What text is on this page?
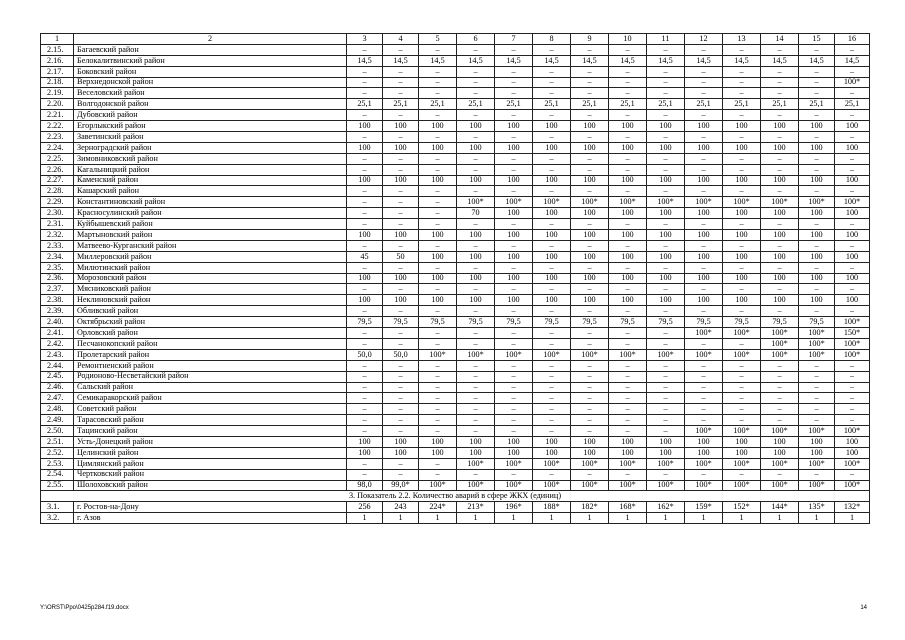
1	2	3	4	5	6	7	8	9	10	11	12	13	14	15	16
2.15.	Багаевский район	–	–	–	–	–	–	–	–	–	–	–	–	–	–
2.16.	Белокалитвинский район	14,5	14,5	14,5	14,5	14,5	14,5	14,5	14,5	14,5	14,5	14,5	14,5	14,5	14,5
2.17.	Боковский район	–	–	–	–	–	–	–	–	–	–	–	–	–	–
2.18.	Верхнедонской район	–	–	–	–	–	–	–	–	–	–	–	–	–	100*
2.19.	Веселовский район	–	–	–	–	–	–	–	–	–	–	–	–	–	–
2.20.	Волгодонской район	25,1	25,1	25,1	25,1	25,1	25,1	25,1	25,1	25,1	25,1	25,1	25,1	25,1	25,1
2.21.	Дубовский район	–	–	–	–	–	–	–	–	–	–	–	–	–	–
2.22.	Егорлыкский район	100	100	100	100	100	100	100	100	100	100	100	100	100	100
2.23.	Заветинский район	–	–	–	–	–	–	–	–	–	–	–	–	–	–
2.24.	Зерноградский район	100	100	100	100	100	100	100	100	100	100	100	100	100	100
2.25.	Зимовниковский район	–	–	–	–	–	–	–	–	–	–	–	–	–	–
2.26.	Кагальницкий район	–	–	–	–	–	–	–	–	–	–	–	–	–	–
2.27.	Каменский район	100	100	100	100	100	100	100	100	100	100	100	100	100	100
2.28.	Кашарский район	–	–	–	–	–	–	–	–	–	–	–	–	–	–
2.29.	Константиновский район	–	–	–	100*	100*	100*	100*	100*	100*	100*	100*	100*	100*	100*
2.30.	Красносулинский район	–	–	–	70	100	100	100	100	100	100	100	100	100	100
2.31.	Куйбышевский район	–	–	–	–	–	–	–	–	–	–	–	–	–	–
2.32.	Мартыновский район	100	100	100	100	100	100	100	100	100	100	100	100	100	100
2.33.	Матвеево-Курганский район	–	–	–	–	–	–	–	–	–	–	–	–	–	–
2.34.	Миллеровский район	45	50	100	100	100	100	100	100	100	100	100	100	100	100
2.35.	Милютинский район	–	–	–	–	–	–	–	–	–	–	–	–	–	–
2.36.	Морозовский район	100	100	100	100	100	100	100	100	100	100	100	100	100	100
2.37.	Мясниковский район	–	–	–	–	–	–	–	–	–	–	–	–	–	–
2.38.	Неклиновский район	100	100	100	100	100	100	100	100	100	100	100	100	100	100
2.39.	Обливский район	–	–	–	–	–	–	–	–	–	–	–	–	–	–
2.40.	Октябрьский район	79,5	79,5	79,5	79,5	79,5	79,5	79,5	79,5	79,5	79,5	79,5	79,5	79,5	100*
2.41.	Орловский район	–	–	–	–	–	–	–	–	–	100*	100*	100*	100*	150*
2.42.	Песчанокопский район	–	–	–	–	–	–	–	–	–	–	–	100*	100*	100*
2.43.	Пролетарский район	50,0	50,0	100*	100*	100*	100*	100*	100*	100*	100*	100*	100*	100*	100*
2.44.	Ремонтненский район	–	–	–	–	–	–	–	–	–	–	–	–	–	–
2.45.	Родионово-Несветайский район	–	–	–	–	–	–	–	–	–	–	–	–	–	–
2.46.	Сальский район	–	–	–	–	–	–	–	–	–	–	–	–	–	–
2.47.	Семикаракорский район	–	–	–	–	–	–	–	–	–	–	–	–	–	–
2.48.	Советский район	–	–	–	–	–	–	–	–	–	–	–	–	–	–
2.49.	Тарасовский район	–	–	–	–	–	–	–	–	–	–	–	–	–	–
2.50.	Тацинский район	–	–	–	–	–	–	–	–	–	100*	100*	100*	100*	100*
2.51.	Усть-Донецкий район	100	100	100	100	100	100	100	100	100	100	100	100	100	100
2.52.	Целинский район	100	100	100	100	100	100	100	100	100	100	100	100	100	100
2.53.	Цимлянский район	–	–	–	100*	100*	100*	100*	100*	100*	100*	100*	100*	100*	100*
2.54.	Чертковский район	–	–	–	–	–	–	–	–	–	–	–	–	–	–
2.55.	Шолоховский район	98,0	99,0*	100*	100*	100*	100*	100*	100*	100*	100*	100*	100*	100*	100*
3. Показатель 2.2. Количество аварий в сфере ЖКХ (единиц)															
3.1.	г. Ростов-на-Дону	256	243	224*	213*	196*	188*	182*	168*	162*	159*	152*	144*	135*	132*
3.2.	г. Азов	1	1	1	1	1	1	1	1	1	1	1	1	1	1
Y:\ORST\Ppo\0425p284.f19.docx	14
